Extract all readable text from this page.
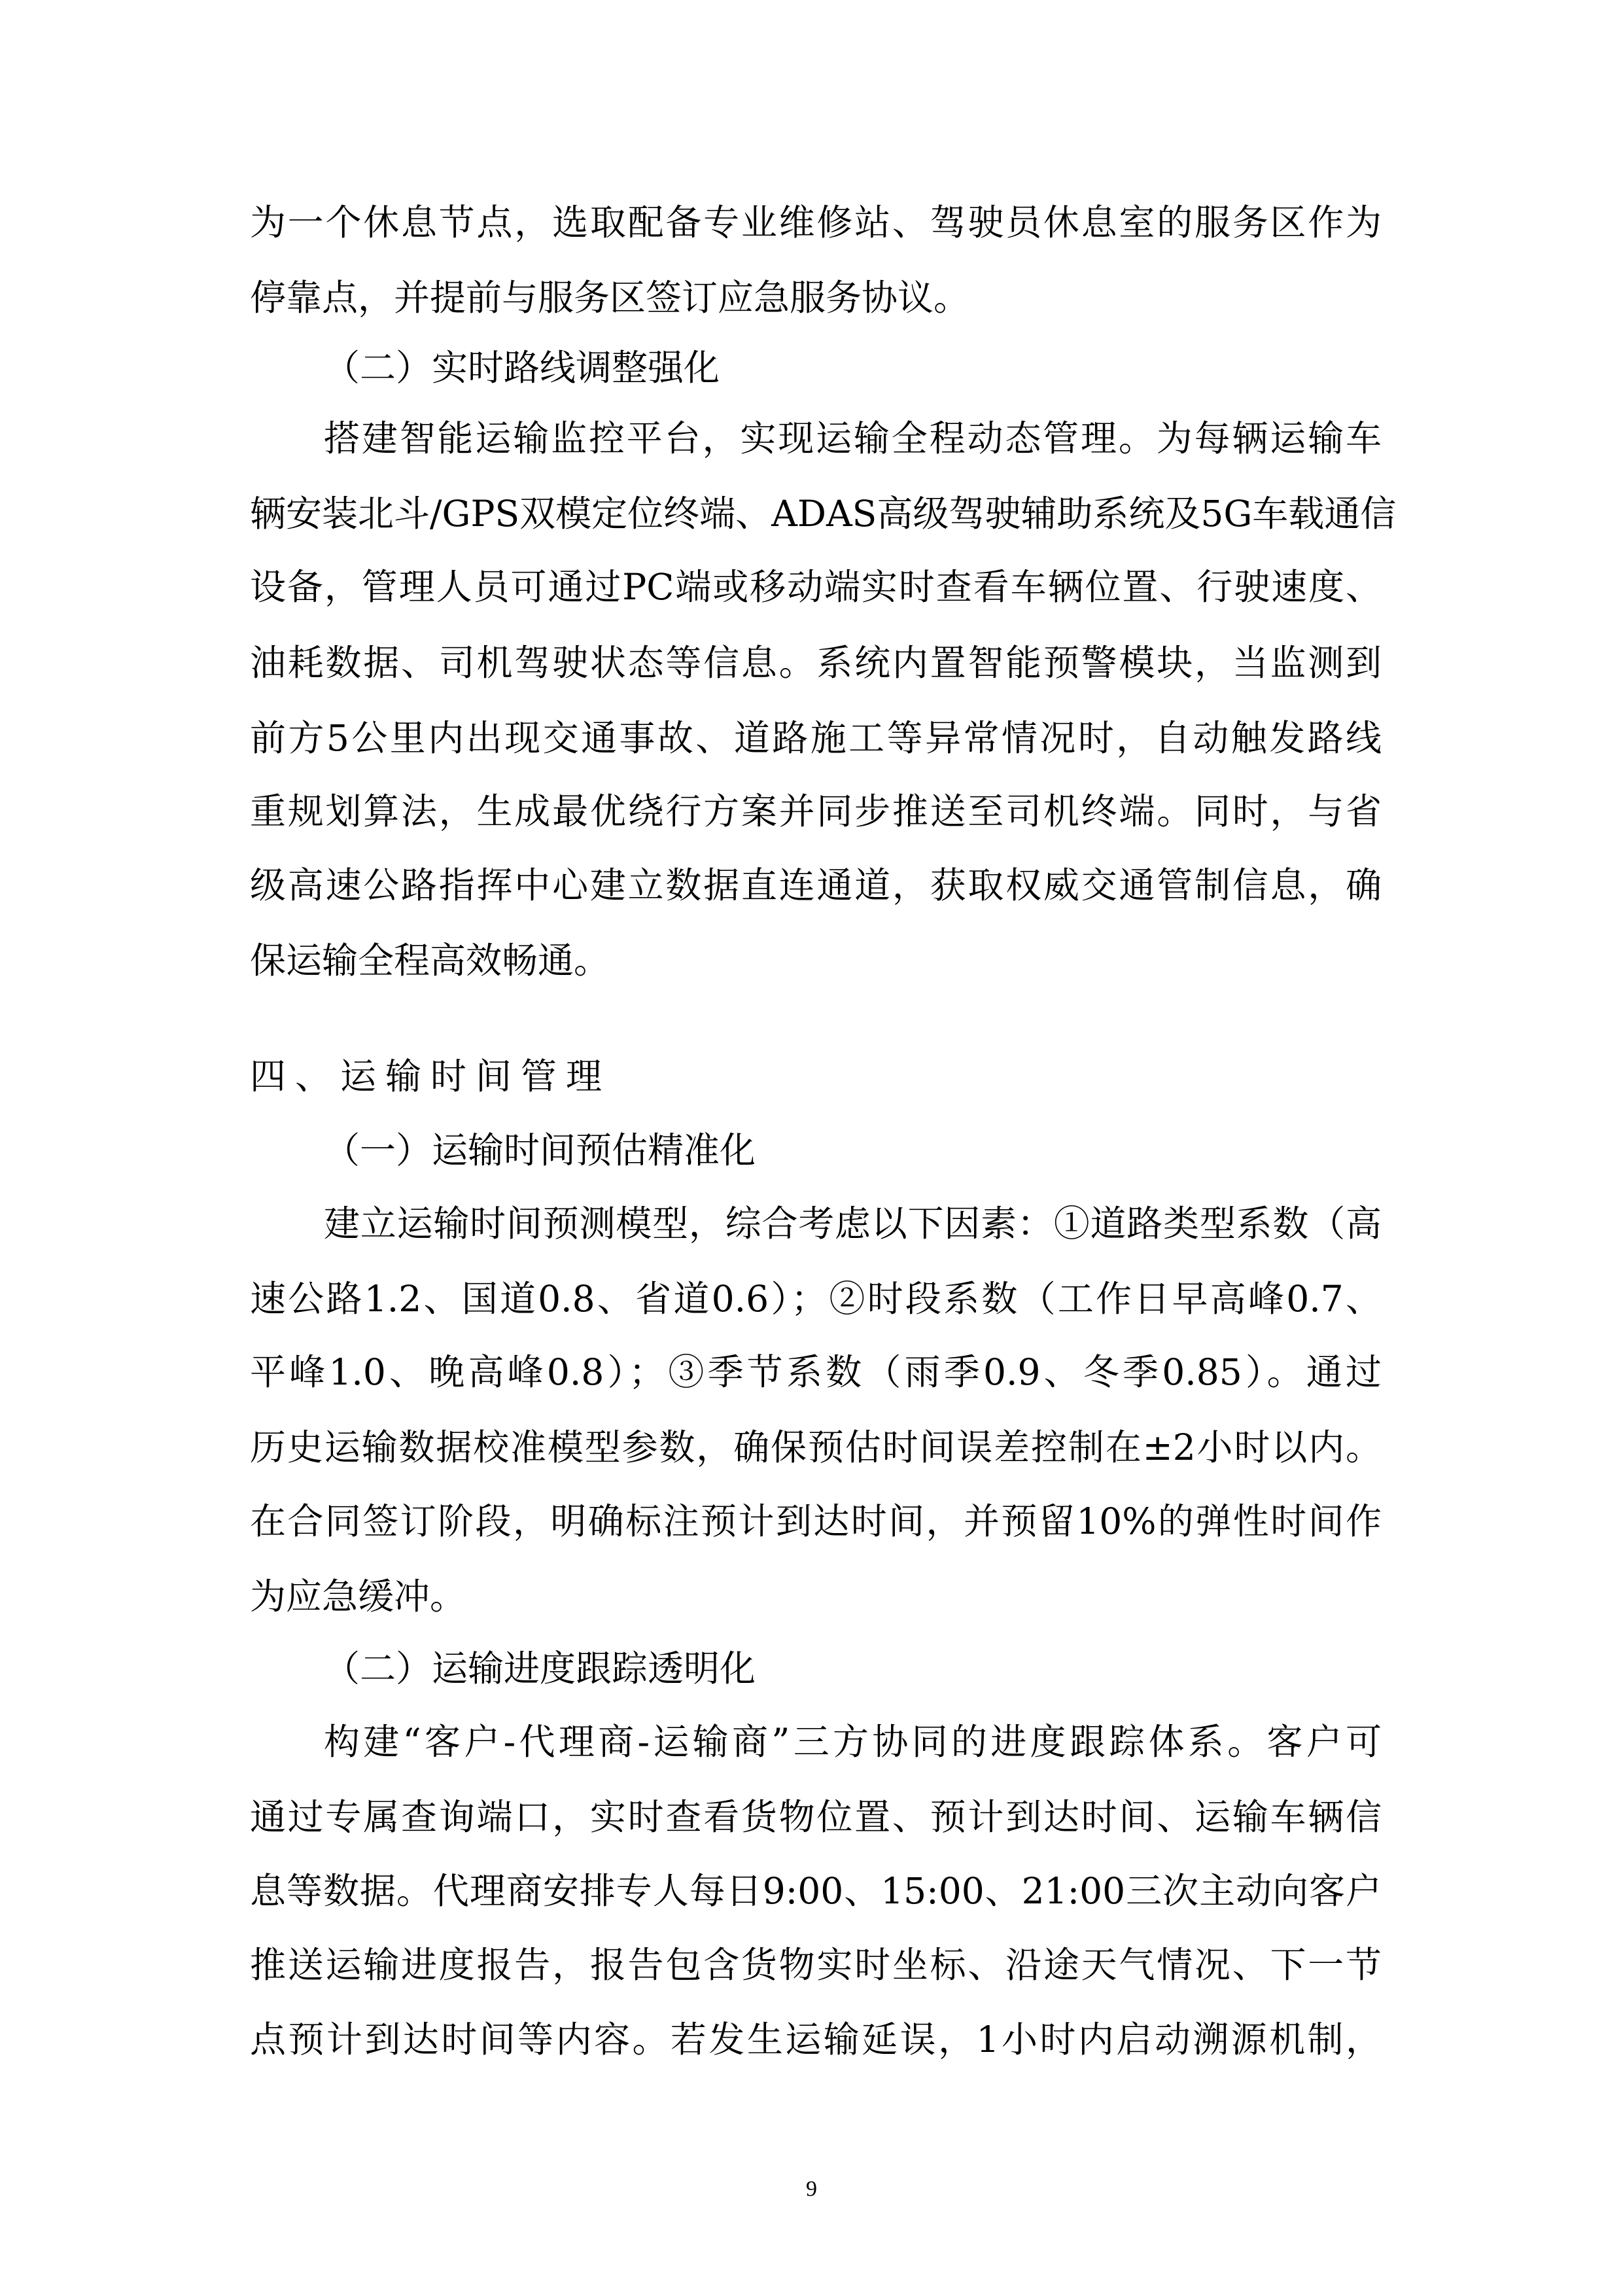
为一个休息节点，选取配备专业维修站、驾驶员休息室的服务区作为
停靠点，并提前与服务区签订应急服务协议。
（二）实时路线调整强化
搭建智能运输监控平台，实现运输全程动态管理。为每辆运输车
辆安装北斗/GPS双模定位终端、ADAS高级驾驶辅助系统及5G车载通信
设备，管理人员可通过PC端或移动端实时查看车辆位置、行驶速度、
油耗数据、司机驾驶状态等信息。系统内置智能预警模块，当监测到
前方5公里内出现交通事故、道路施工等异常情况时，自动触发路线
重规划算法，生成最优绕行方案并同步推送至司机终端。同时，与省
级高速公路指挥中心建立数据直连通道，获取权威交通管制信息，确
保运输全程高效畅通。
四、运输时间管理
（一）运输时间预估精准化
建立运输时间预测模型，综合考虑以下因素：①道路类型系数（高
速公路1.2、国道0.8、省道0.6）；②时段系数（工作日早高峰0.7、
平峰1.0、晚高峰0.8）；③季节系数（雨季0.9、冬季0.85）。通过
历史运输数据校准模型参数，确保预估时间误差控制在±2小时以内。
在合同签订阶段，明确标注预计到达时间，并预留10%的弹性时间作
为应急缓冲。
（二）运输进度跟踪透明化
构建“客户-代理商-运输商”三方协同的进度跟踪体系。客户可
通过专属查询端口，实时查看货物位置、预计到达时间、运输车辆信
息等数据。代理商安排专人每日9:00、15:00、21:00三次主动向客户
推送运输进度报告，报告包含货物实时坐标、沿途天气情况、下一节
点预计到达时间等内容。若发生运输延误，1小时内启动溯源机制，
9
